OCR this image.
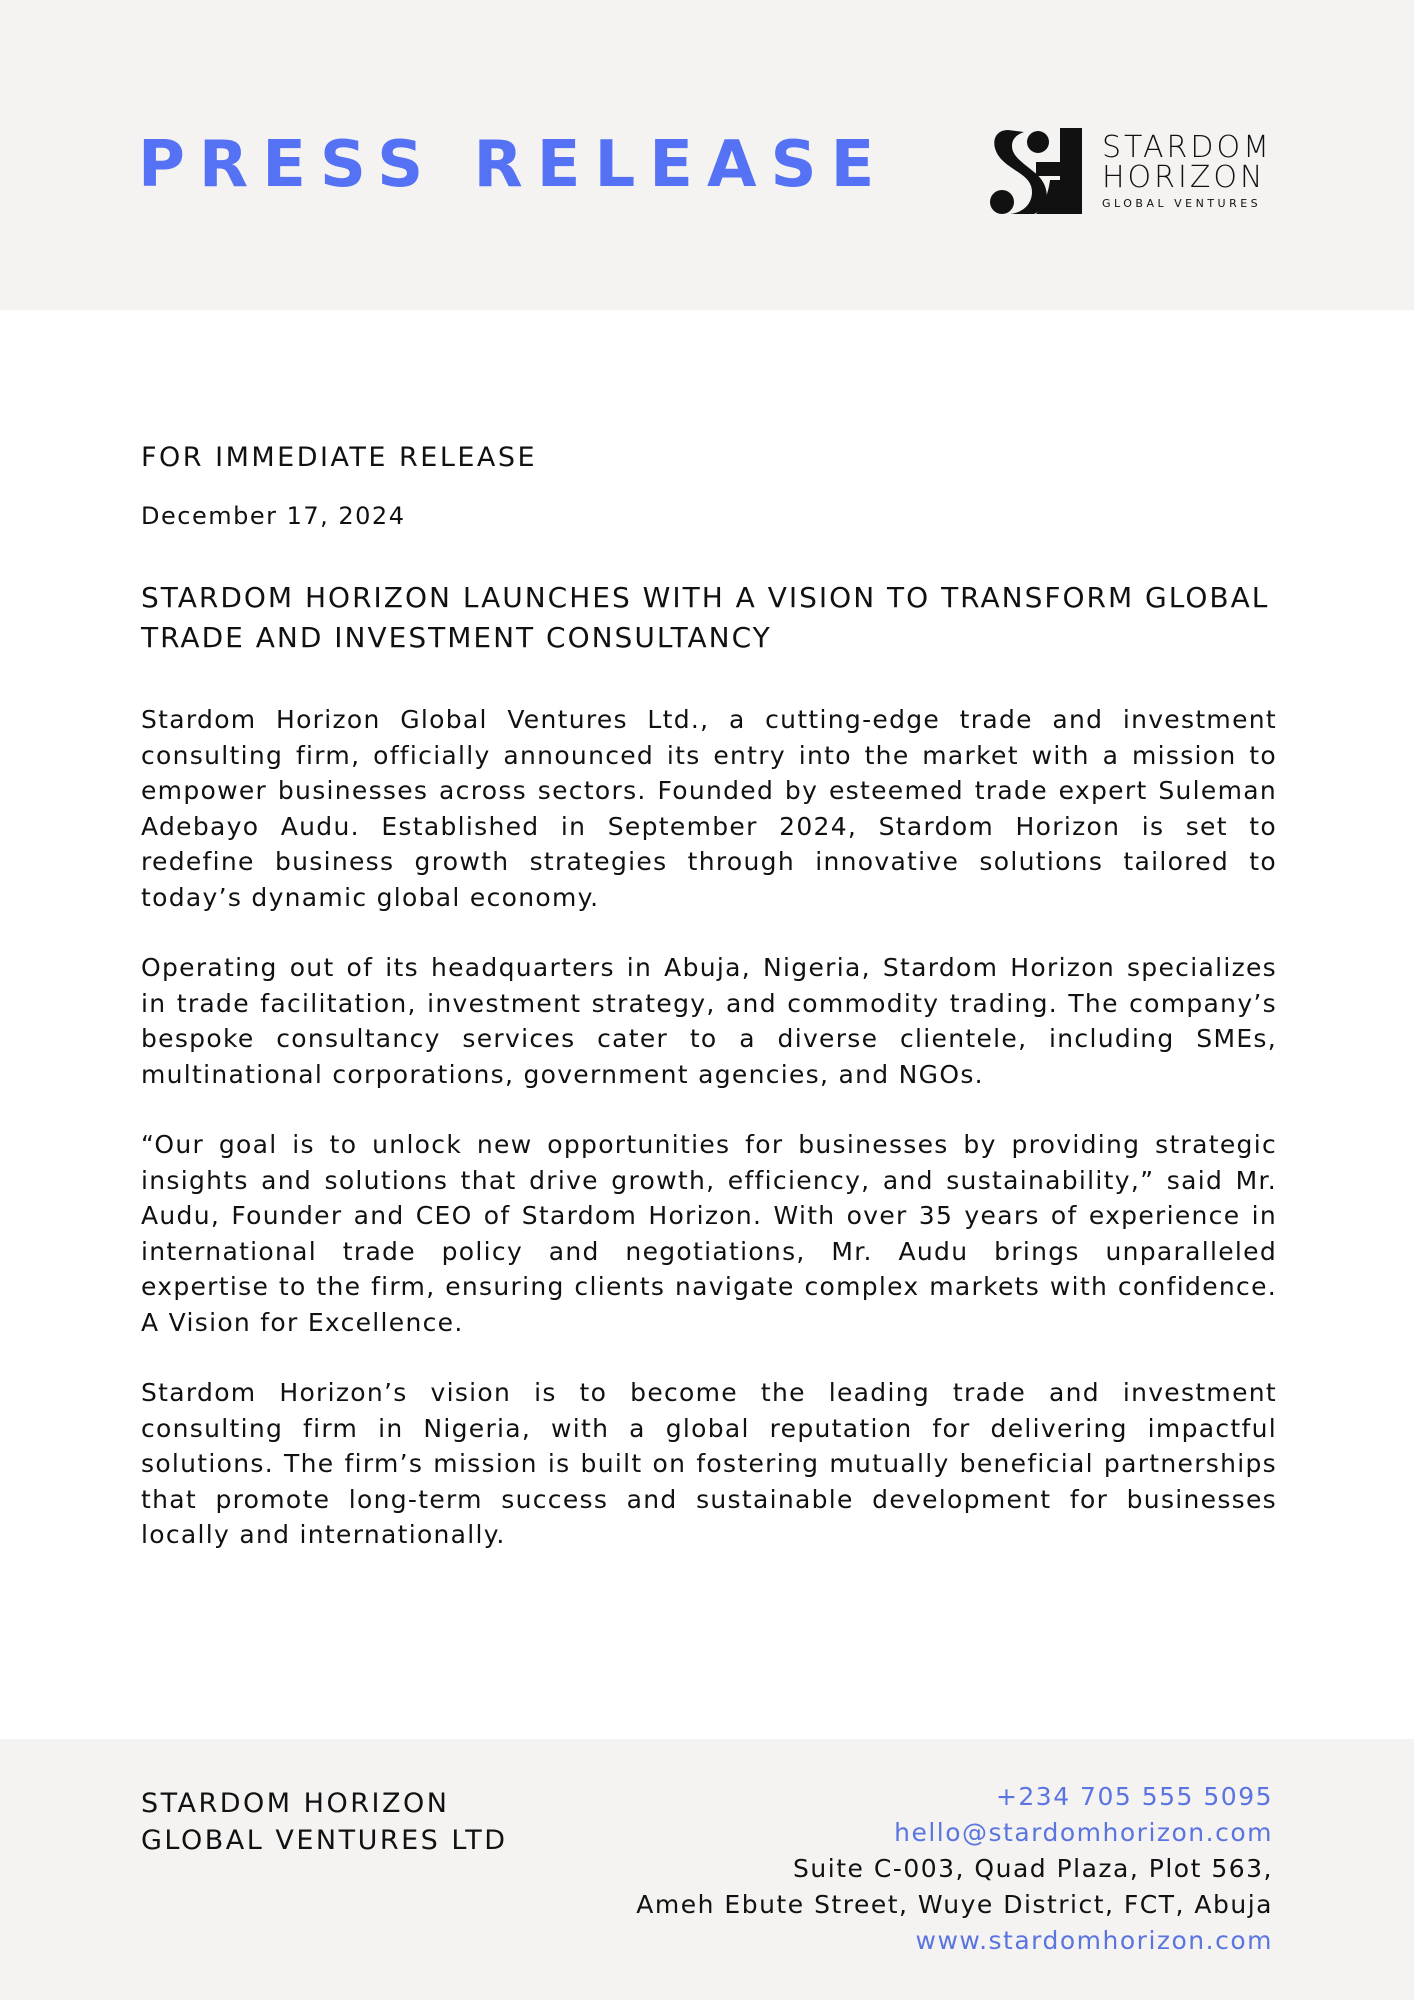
PRESS RELEASE	STARDOM
HORIZON
GLOBAL VENTURES

FOR IMMEDIATE RELEASE

December 17, 2024

STARDOM HORIZON LAUNCHES WITH A VISION TO TRANSFORM GLOBAL TRADE AND INVESTMENT CONSULTANCY

Stardom Horizon Global Ventures Ltd., a cutting-edge trade and investment consulting firm, officially announced its entry into the market with a mission to empower businesses across sectors. Founded by esteemed trade expert Suleman Adebayo Audu. Established in September 2024, Stardom Horizon is set to redefine business growth strategies through innovative solutions tailored to today’s dynamic global economy.

Operating out of its headquarters in Abuja, Nigeria, Stardom Horizon specializes in trade facilitation, investment strategy, and commodity trading. The company’s bespoke consultancy services cater to a diverse clientele, including SMEs, multinational corporations, government agencies, and NGOs.

“Our goal is to unlock new opportunities for businesses by providing strategic insights and solutions that drive growth, efficiency, and sustainability,” said Mr. Audu, Founder and CEO of Stardom Horizon. With over 35 years of experience in international trade policy and negotiations, Mr. Audu brings unparalleled expertise to the firm, ensuring clients navigate complex markets with confidence. A Vision for Excellence.

Stardom Horizon’s vision is to become the leading trade and investment consulting firm in Nigeria, with a global reputation for delivering impactful solutions. The firm’s mission is built on fostering mutually beneficial partnerships that promote long-term success and sustainable development for businesses locally and internationally.

STARDOM HORIZON
GLOBAL VENTURES LTD
+234 705 555 5095
hello@stardomhorizon.com
Suite C-003, Quad Plaza, Plot 563,
Ameh Ebute Street, Wuye District, FCT, Abuja
www.stardomhorizon.com
